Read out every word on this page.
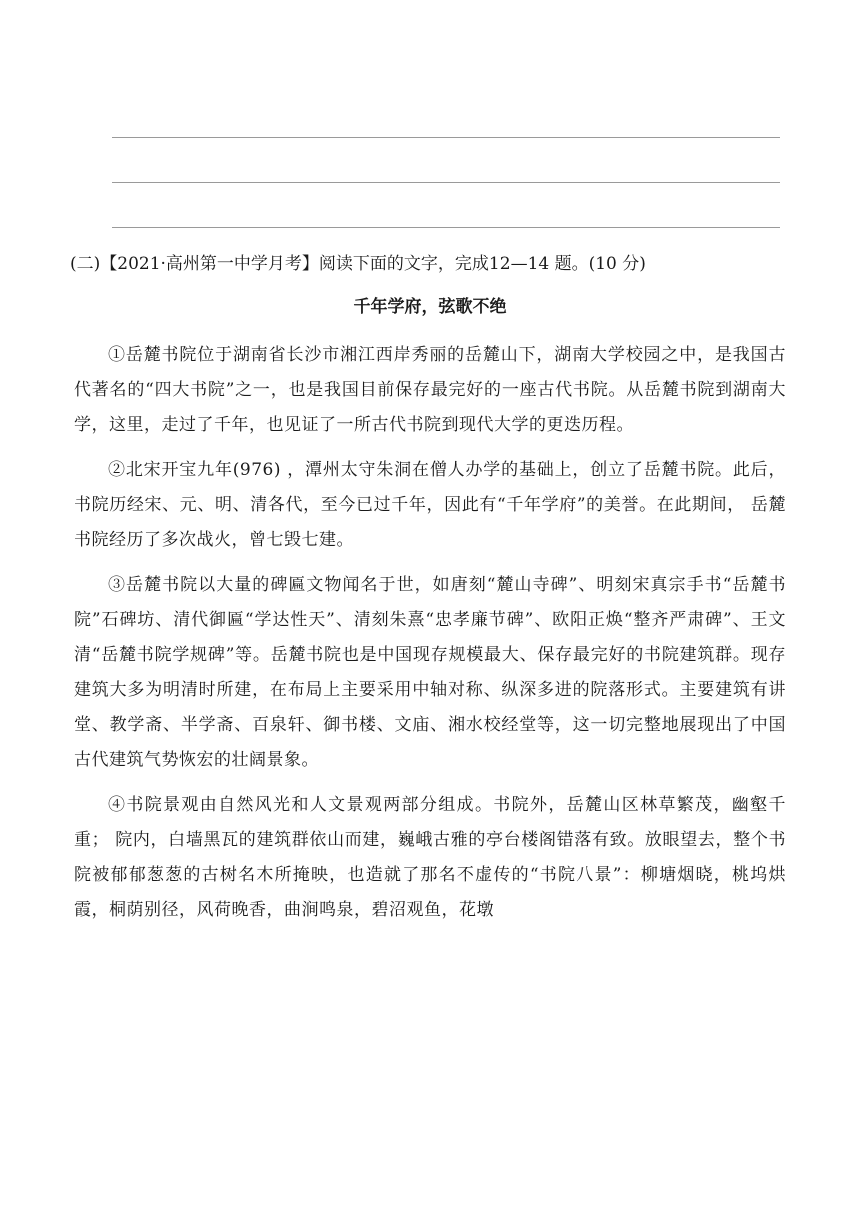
(二)【2021·高州第一中学月考】阅读下面的文字，完成12—14 题。(10 分)
千年学府，弦歌不绝

①岳麓书院位于湖南省长沙市湘江西岸秀丽的岳麓山下，湖南大学校园之中，是我国古代著名的“四大书院”之一，也是我国目前保存最完好的一座古代书院。从岳麓书院到湖南大学，这里，走过了千年，也见证了一所古代书院到现代大学的更迭历程。

②北宋开宝九年(976) ，潭州太守朱洞在僧人办学的基础上，创立了岳麓书院。此后， 书院历经宋、元、明、清各代，至今已过千年，因此有“千年学府”的美誉。在此期间， 岳麓书院经历了多次战火，曾七毁七建。

③岳麓书院以大量的碑匾文物闻名于世，如唐刻“麓山寺碑”、明刻宋真宗手书“岳麓书院”石碑坊、清代御匾“学达性天”、清刻朱熹“忠孝廉节碑”、欧阳正焕“整齐严肃碑”、王文清“岳麓书院学规碑”等。岳麓书院也是中国现存规模最大、保存最完好的书院建筑群。现存建筑大多为明清时所建，在布局上主要采用中轴对称、纵深多进的院落形式。主要建筑有讲堂、教学斋、半学斋、百泉轩、御书楼、文庙、湘水校经堂等，这一切完整地展现出了中国古代建筑气势恢宏的壮阔景象。

④书院景观由自然风光和人文景观两部分组成。书院外，岳麓山区林草繁茂，幽壑千重； 院内，白墙黑瓦的建筑群依山而建，巍峨古雅的亭台楼阁错落有致。放眼望去，整个书院被郁郁葱葱的古树名木所掩映，也造就了那名不虚传的“书院八景”：柳塘烟晓，桃坞烘霞，桐荫别径，风荷晚香，曲涧鸣泉，碧沼观鱼，花墩
